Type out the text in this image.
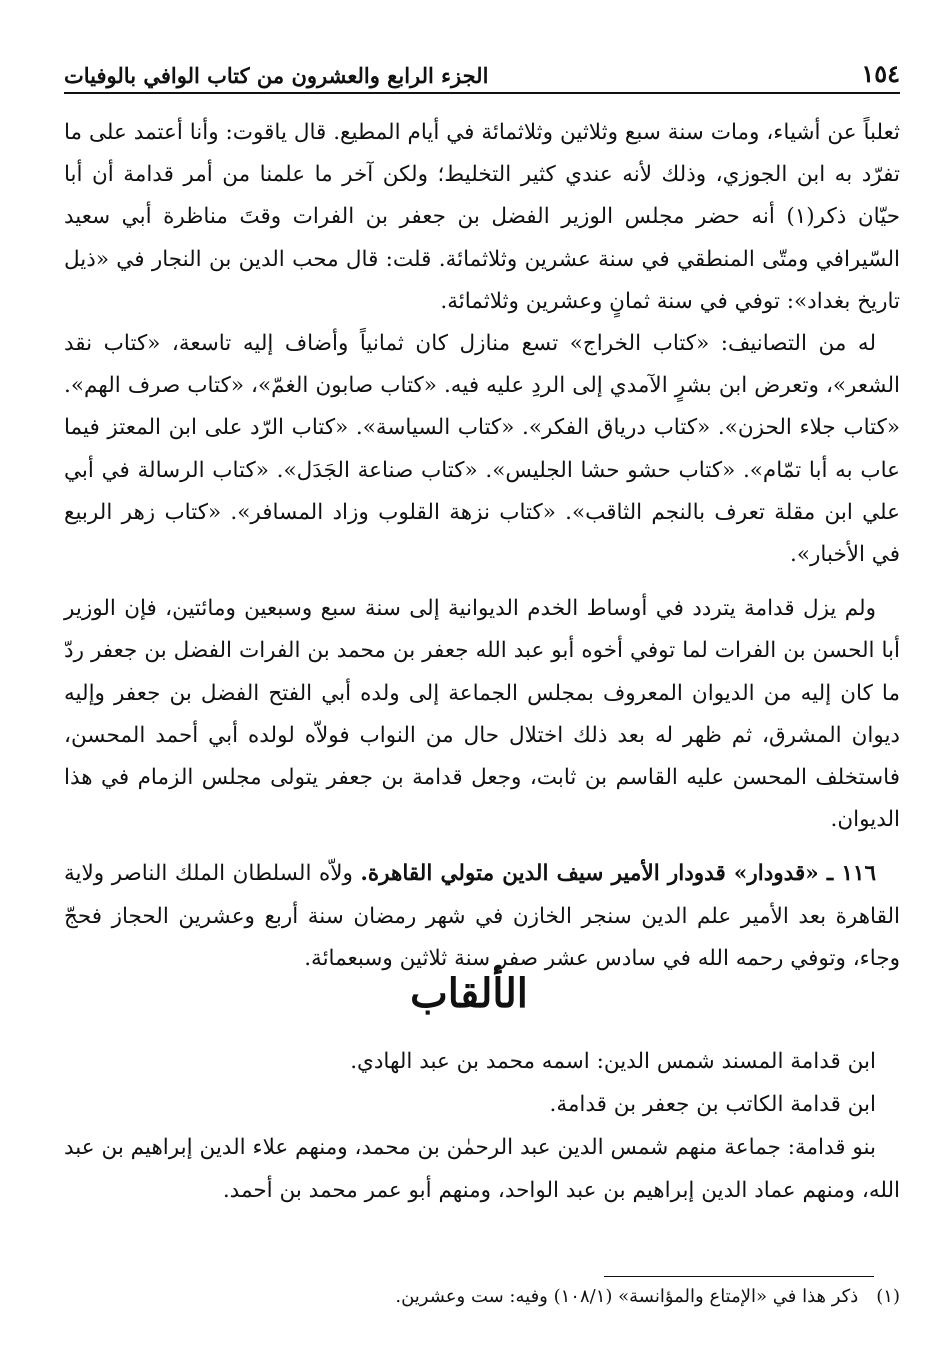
١٥٤
الجزء الرابع والعشرون من كتاب الوافي بالوفيات

ثعلباً عن أشياء، ومات سنة سبع وثلاثين وثلاثمائة في أيام المطيع. قال ياقوت: وأنا أعتمد على ما تفرّد به ابن الجوزي، وذلك لأنه عندي كثير التخليط؛ ولكن آخر ما علمنا من أمر قدامة أن أبا حيّان ذكر(١) أنه حضر مجلس الوزير الفضل بن جعفر بن الفرات وقتَ مناظرة أبي سعيد السّيرافي ومتّى المنطقي في سنة عشرين وثلاثمائة. قلت: قال محب الدين بن النجار في «ذيل تاريخ بغداد»: توفي في سنة ثمانٍ وعشرين وثلاثمائة.

له من التصانيف: «كتاب الخراج» تسع منازل كان ثمانياً وأضاف إليه تاسعة، «كتاب نقد الشعر»، وتعرض ابن بشرٍ الآمدي إلى الردِ عليه فيه. «كتاب صابون الغمّ»، «كتاب صرف الهم». «كتاب جلاء الحزن». «كتاب درياق الفكر». «كتاب السياسة». «كتاب الرّد على ابن المعتز فيما عاب به أبا تمّام». «كتاب حشو حشا الجليس». «كتاب صناعة الجَدَل». «كتاب الرسالة في أبي علي ابن مقلة تعرف بالنجم الثاقب». «كتاب نزهة القلوب وزاد المسافر». «كتاب زهر الربيع في الأخبار».

ولم يزل قدامة يتردد في أوساط الخدم الديوانية إلى سنة سبع وسبعين ومائتين، فإن الوزير أبا الحسن بن الفرات لما توفي أخوه أبو عبد الله جعفر بن محمد بن الفرات الفضل بن جعفر ردّ ما كان إليه من الديوان المعروف بمجلس الجماعة إلى ولده أبي الفتح الفضل بن جعفر وإليه ديوان المشرق، ثم ظهر له بعد ذلك اختلال حال من النواب فولاّه لولده أبي أحمد المحسن، فاستخلف المحسن عليه القاسم بن ثابت، وجعل قدامة بن جعفر يتولى مجلس الزمام في هذا الديوان.

١١٦ ـ «قدودار» قدودار الأمير سيف الدين متولي القاهرة. ولاّه السلطان الملك الناصر ولاية القاهرة بعد الأمير علم الدين سنجر الخازن في شهر رمضان سنة أربع وعشرين الحجاز فحجّ وجاء، وتوفي رحمه الله في سادس عشر صفر سنة ثلاثين وسبعمائة.

الألقاب

ابن قدامة المسند شمس الدين: اسمه محمد بن عبد الهادي.

ابن قدامة الكاتب بن جعفر بن قدامة.

بنو قدامة: جماعة منهم شمس الدين عبد الرحمٰن بن محمد، ومنهم علاء الدين إبراهيم بن عبد الله، ومنهم عماد الدين إبراهيم بن عبد الواحد، ومنهم أبو عمر محمد بن أحمد.

(١)
ذكر هذا في «الإمتاع والمؤانسة» (١٠٨/١) وفيه: ست وعشرين.
